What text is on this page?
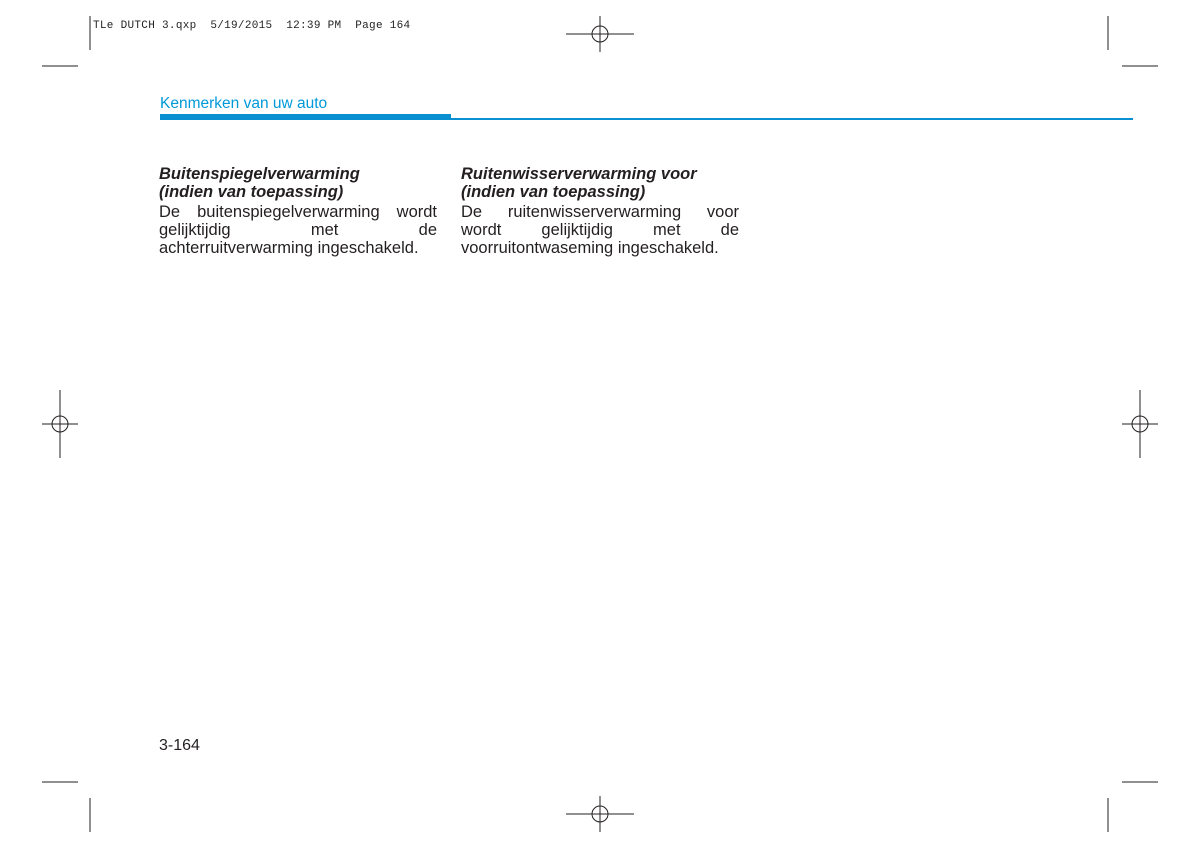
TLe DUTCH 3.qxp  5/19/2015  12:39 PM  Page 164
Kenmerken van uw auto
Buitenspiegelverwarming
(indien van toepassing)

De buitenspiegelverwarming wordt gelijktijdig met de achterruitverwarming ingeschakeld.

Ruitenwisserverwarming voor
(indien van toepassing)

De ruitenwisserverwarming voor wordt gelijktijdig met de voorruitontwaseming ingeschakeld.

3-164
